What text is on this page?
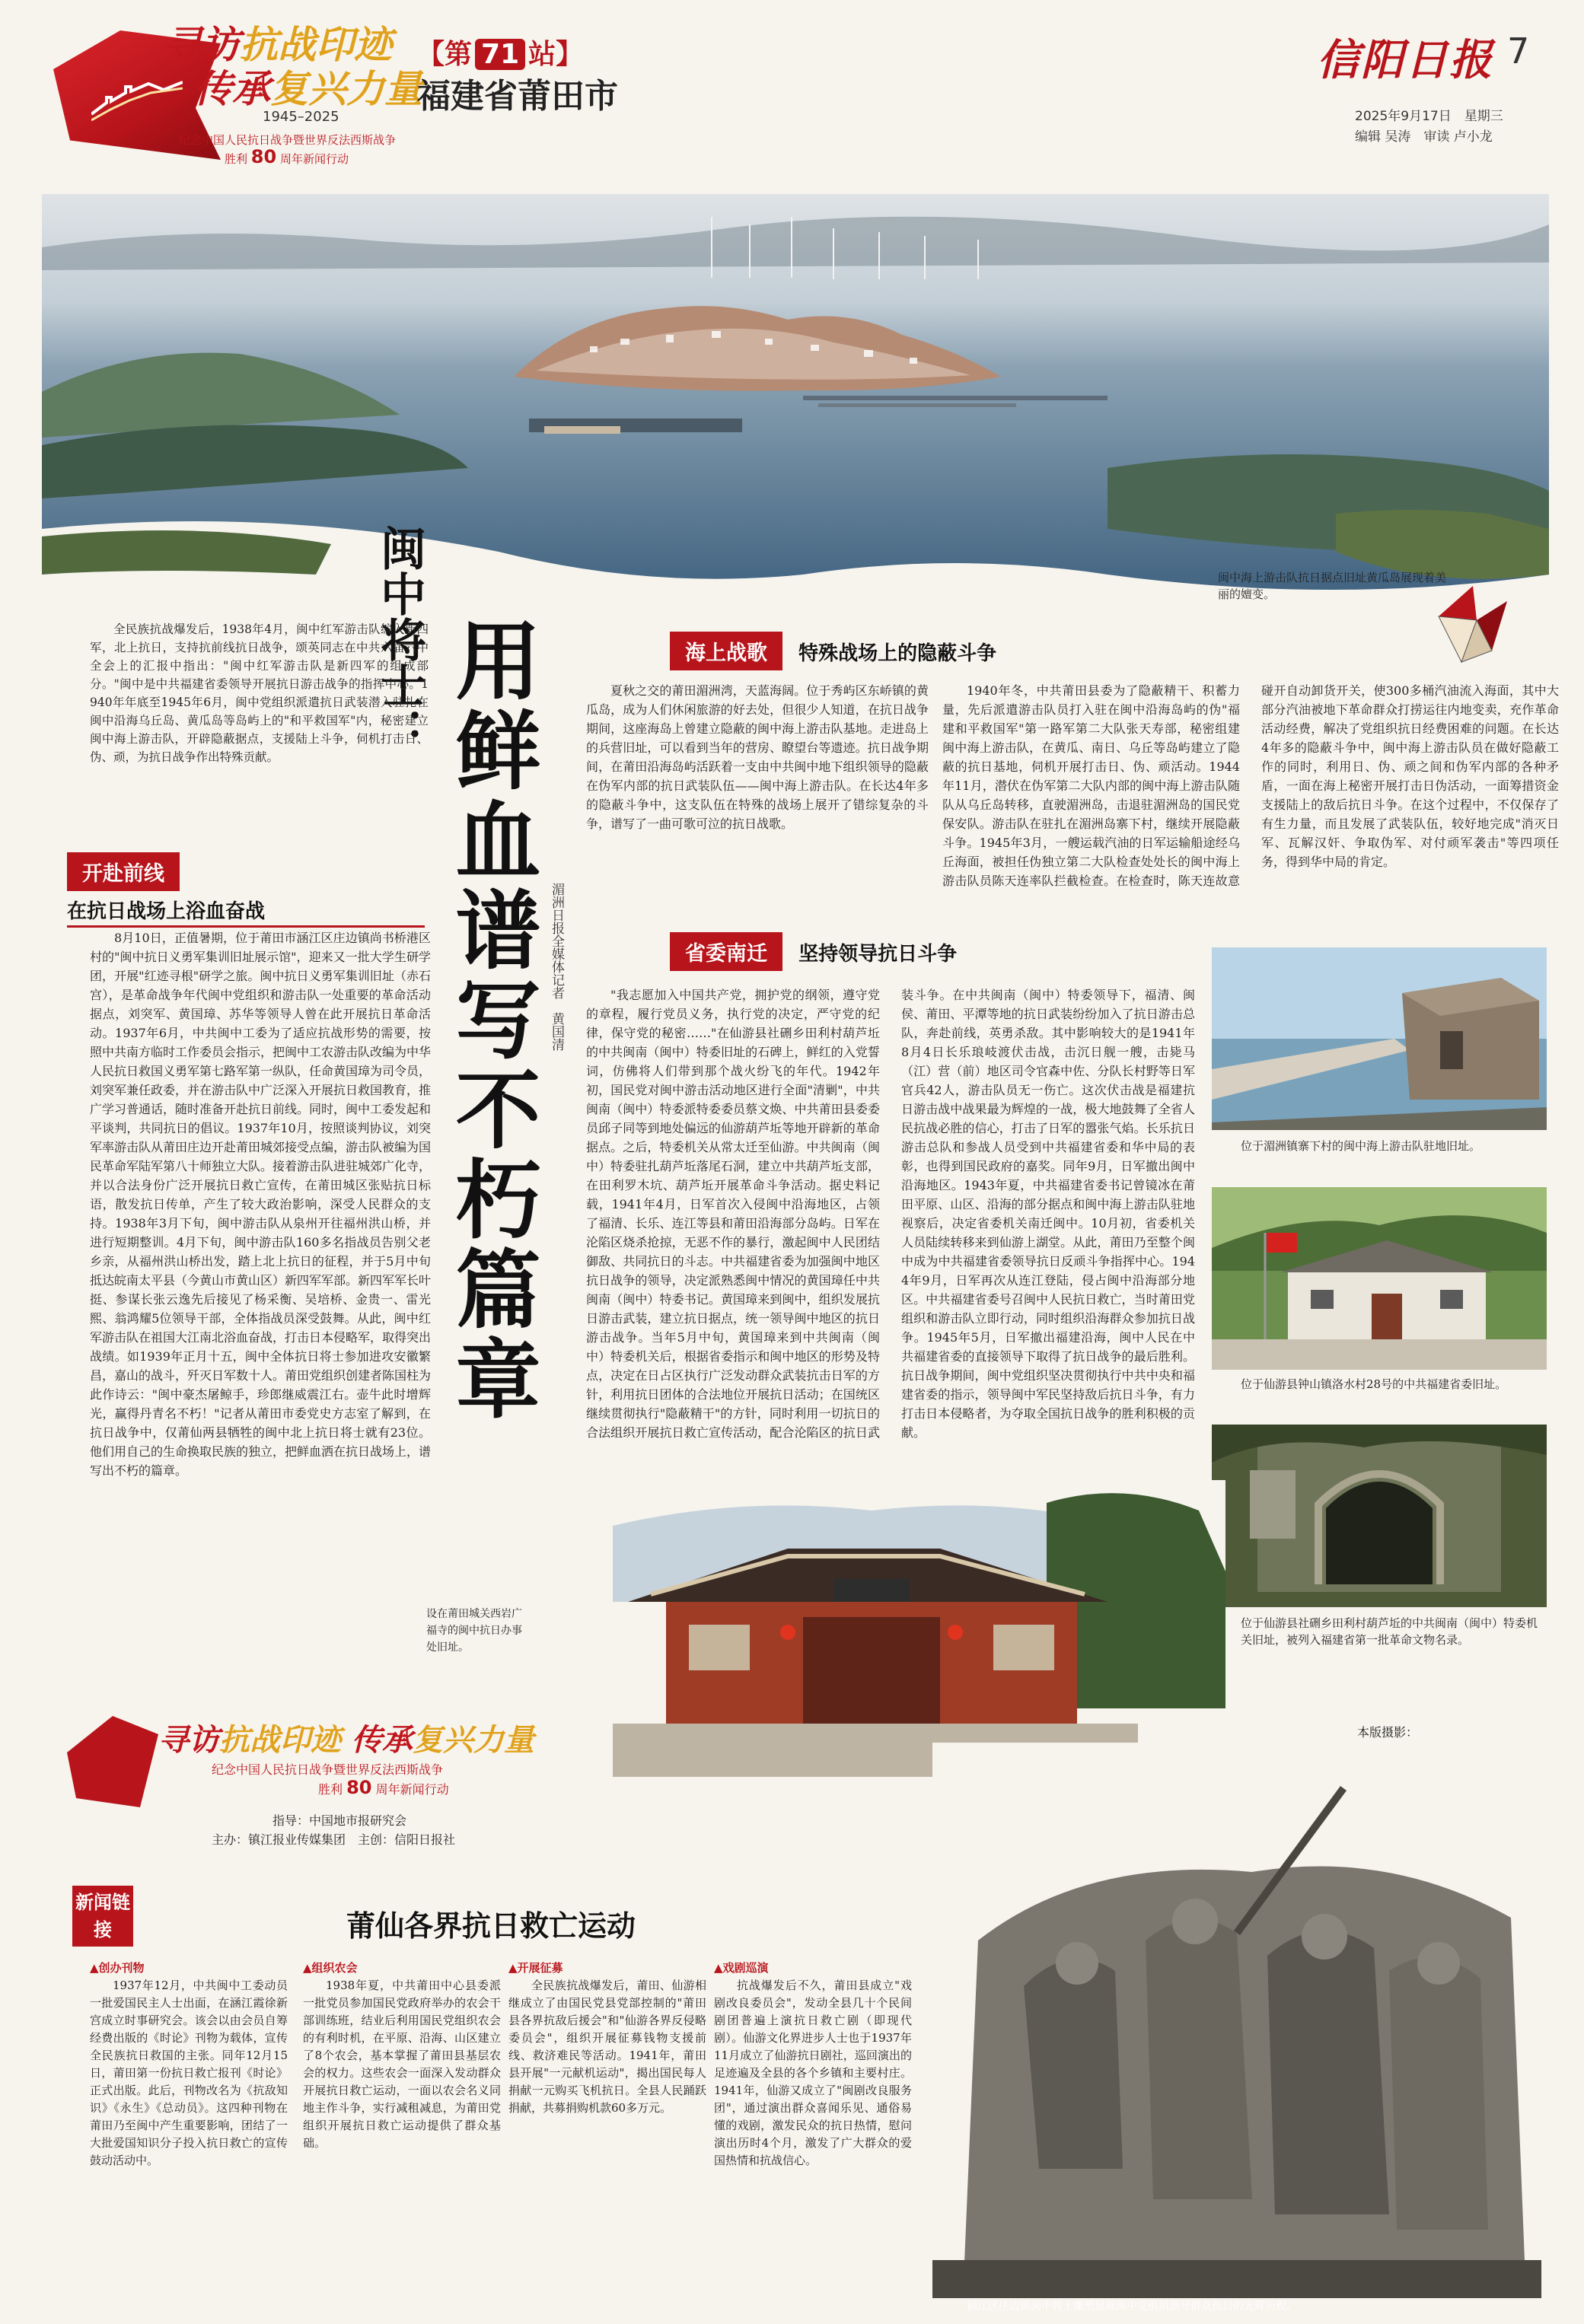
寻访抗战印迹
传承复兴力量
1945–2025
纪念中国人民抗日战争暨世界反法西斯战争
胜利 80 周年新闻行动
【第 71 站】
福建省莆田市
信阳日报 7
2025年9月17日　星期三
编辑 吴涛　审读 卢小龙
闽中海上游击队抗日据点旧址黄瓜岛展现着美丽的嬗变。
闽中将士： 用鲜血谱写不朽篇章 湄洲日报全媒体记者　黄国清

全民族抗战爆发后，1938年4月，闽中红军游击队编入新四军，北上抗日，支持抗前线抗日战争，颂英同志在中共六届六中全会上的汇报中指出："闽中红军游击队是新四军的组成部分。"闽中是中共福建省委领导开展抗日游击战争的指挥中心。1940年年底至1945年6月，闽中党组织派遣抗日武装潜入驻扎在闽中沿海乌丘岛、黄瓜岛等岛屿上的"和平救国军"内，秘密建立闽中海上游击队，开辟隐蔽据点，支援陆上斗争，伺机打击日、伪、顽，为抗日战争作出特殊贡献。

开赴前线
在抗日战场上浴血奋战

8月10日，正值暑期，位于莆田市涵江区庄边镇尚书桥港区村的"闽中抗日义勇军集训旧址展示馆"，迎来又一批大学生研学团，开展"红迹寻根"研学之旅。闽中抗日义勇军集训旧址（赤石宫），是革命战争年代闽中党组织和游击队一处重要的革命活动据点，刘突军、黄国璋、苏华等领导人曾在此开展抗日革命活动。1937年6月，中共闽中工委为了适应抗战形势的需要，按照中共南方临时工作委员会指示，把闽中工农游击队改编为中华人民抗日救国义勇军第七路军第一纵队，任命黄国璋为司令员，刘突军兼任政委，并在游击队中广泛深入开展抗日救国教育，推广学习普通话，随时准备开赴抗日前线。同时，闽中工委发起和平谈判，共同抗日的倡议。1937年10月，按照谈判协议，刘突军率游击队从莆田庄边开赴莆田城郊接受点编，游击队被编为国民革命军陆军第八十师独立大队。接着游击队进驻城郊广化寺，并以合法身份广泛开展抗日救亡宣传，在莆田城区张贴抗日标语，散发抗日传单，产生了较大政治影响，深受人民群众的支持。1938年3月下旬，闽中游击队从泉州开往福州洪山桥，并进行短期整训。4月下旬，闽中游击队160多名指战员告别父老乡亲，从福州洪山桥出发，踏上北上抗日的征程，并于5月中旬抵达皖南太平县（今黄山市黄山区）新四军军部。新四军军长叶挺、参谋长张云逸先后接见了杨采衡、吴培桥、金贵一、雷光熙、翁鸿耀5位领导干部，全体指战员深受鼓舞。从此，闽中红军游击队在祖国大江南北浴血奋战，打击日本侵略军，取得突出战绩。如1939年正月十五，闽中全体抗日将士参加进攻安徽繁昌，嘉山的战斗，歼灭日军数十人。莆田党组织创建者陈国柱为此作诗云："闽中豪杰屠鲸手，珍郎继威震江右。壶牛此时增辉光，赢得丹青名不朽！"记者从莆田市委党史方志室了解到，在抗日战争中，仅莆仙两县牺牲的闽中北上抗日将士就有23位。他们用自己的生命换取民族的独立，把鲜血洒在抗日战场上，谱写出不朽的篇章。

海上战歌 特殊战场上的隐蔽斗争

夏秋之交的莆田湄洲湾，天蓝海阔。位于秀屿区东峤镇的黄瓜岛，成为人们休闲旅游的好去处，但很少人知道，在抗日战争期间，这座海岛上曾建立隐蔽的闽中海上游击队基地。走进岛上的兵营旧址，可以看到当年的营房、瞭望台等遗迹。抗日战争期间，在莆田沿海岛屿活跃着一支由中共闽中地下组织领导的隐蔽在伪军内部的抗日武装队伍——闽中海上游击队。在长达4年多的隐蔽斗争中，这支队伍在特殊的战场上展开了错综复杂的斗争，谱写了一曲可歌可泣的抗日战歌。

1940年冬，中共莆田县委为了隐蔽精干、积蓄力量，先后派遣游击队员打入驻在闽中沿海岛屿的伪"福建和平救国军"第一路军第二大队张天寿部，秘密组建闽中海上游击队，在黄瓜、南日、乌丘等岛屿建立了隐蔽的抗日基地，伺机开展打击日、伪、顽活动。1944年11月，潜伏在伪军第二大队内部的闽中海上游击队随队从乌丘岛转移，直驶湄洲岛，击退驻湄洲岛的国民党保安队。游击队在驻扎在湄洲岛寨下村，继续开展隐蔽斗争。1945年3月，一艘运载汽油的日军运输船途经乌丘海面，被担任伪独立第二大队检查处处长的闽中海上游击队员陈天连率队拦截检查。在检查时，陈天连故意碰开自动卸货开关，使300多桶汽油流入海面，其中大部分汽油被地下革命群众打捞运往内地变卖，充作革命活动经费，解决了党组织抗日经费困难的问题。在长达4年多的隐蔽斗争中，闽中海上游击队员在做好隐蔽工作的同时，利用日、伪、顽之间和伪军内部的各种矛盾，一面在海上秘密开展打击日伪活动，一面筹措资金支援陆上的敌后抗日斗争。在这个过程中，不仅保存了有生力量，而且发展了武装队伍，较好地完成"消灭日军、瓦解汉奸、争取伪军、对付顽军袭击"等四项任务，得到华中局的肯定。

省委南迁 坚持领导抗日斗争

"我志愿加入中国共产党，拥护党的纲领，遵守党的章程，履行党员义务，执行党的决定，严守党的纪律，保守党的秘密……"在仙游县社硎乡田利村葫芦坵的中共闽南（闽中）特委旧址的石碑上，鲜红的入党誓词，仿佛将人们带到那个战火纷飞的年代。1942年初，国民党对闽中游击活动地区进行全面"清剿"，中共闽南（闽中）特委派特委委员蔡文焕、中共莆田县委委员邱子同等到地处偏远的仙游葫芦坵等地开辟新的革命据点。之后，特委机关从常太迁至仙游。中共闽南（闽中）特委驻扎葫芦坵落尾石洞，建立中共葫芦坵支部，在田利罗木坑、葫芦坵开展革命斗争活动。据史料记载，1941年4月，日军首次入侵闽中沿海地区，占领了福清、长乐、连江等县和莆田沿海部分岛屿。日军在沦陷区烧杀抢掠，无恶不作的暴行，激起闽中人民团结御敌、共同抗日的斗志。中共福建省委为加强闽中地区抗日战争的领导，决定派熟悉闽中情况的黄国璋任中共闽南（闽中）特委书记。黄国璋来到闽中，组织发展抗日游击武装，建立抗日据点，统一领导闽中地区的抗日游击战争。当年5月中旬，黄国璋来到中共闽南（闽中）特委机关后，根据省委指示和闽中地区的形势及特点，决定在日占区执行广泛发动群众武装抗击日军的方针，利用抗日团体的合法地位开展抗日活动；在国统区继续贯彻执行"隐蔽精干"的方针，同时利用一切抗日的合法组织开展抗日救亡宣传活动，配合沦陷区的抗日武装斗争。在中共闽南（闽中）特委领导下，福清、闽侯、莆田、平潭等地的抗日武装纷纷加入了抗日游击总队，奔赴前线，英勇杀敌。其中影响较大的是1941年8月4日长乐琅岐渡伏击战，击沉日舰一艘，击毙马（江）营（前）地区司令官森中佐、分队长村野等日军官兵42人，游击队员无一伤亡。这次伏击战是福建抗日游击战中战果最为辉煌的一战，极大地鼓舞了全省人民抗战必胜的信心，打击了日军的嚣张气焰。长乐抗日游击总队和参战人员受到中共福建省委和华中局的表彰，也得到国民政府的嘉奖。同年9月，日军撤出闽中沿海地区。1943年夏，中共福建省委书记曾镜冰在莆田平原、山区、沿海的部分据点和闽中海上游击队驻地视察后，决定省委机关南迁闽中。10月初，省委机关人员陆续转移来到仙游上湖堂。从此，莆田乃至整个闽中成为中共福建省委领导抗日反顽斗争指挥中心。1944年9月，日军再次从连江登陆，侵占闽中沿海部分地区。中共福建省委号召闽中人民抗日救亡，当时莆田党组织和游击队立即行动，同时组织沿海群众参加抗日战争。1945年5月，日军撤出福建沿海，闽中人民在中共福建省委的直接领导下取得了抗日战争的最后胜利。抗日战争期间，闽中党组织坚决贯彻执行中共中央和福建省委的指示，领导闽中军民坚持敌后抗日斗争，有力打击日本侵略者，为夺取全国抗日战争的胜利积极的贡献。

位于湄洲镇寨下村的闽中海上游击队驻地旧址。
位于仙游县钟山镇洛水村28号的中共福建省委旧址。
位于仙游县社硎乡田利村葫芦坵的中共闽南（闽中）特委机关旧址，被列入福建省第一批革命文物名录。
设在莆田城关西岩广福寺的闽中抗日办事处旧址。
本版摄影：
寻访抗战印迹 传承复兴力量
纪念中国人民抗日战争暨世界反法西斯战争
胜利 80 周年新闻行动
指导：中国地市报研究会
主办：镇江报业传媒集团　主创：信阳日报社
新闻链接	莆仙各界抗日救亡运动
▲创办刊物

1937年12月，中共闽中工委动员一批爱国民主人士出面，在涵江霞徐新宫成立时事研究会。该会以由会员自筹经费出版的《时论》刊物为载体，宣传全民族抗日救国的主张。同年12月15日，莆田第一份抗日救亡报刊《时论》正式出版。此后，刊物改名为《抗敌知识》《永生》《总动员》。这四种刊物在莆田乃至闽中产生重要影响，团结了一大批爱国知识分子投入抗日救亡的宣传鼓动活动中。

▲组织农会

1938年夏，中共莆田中心县委派一批党员参加国民党政府举办的农会干部训练班，结业后利用国民党组织农会的有利时机，在平原、沿海、山区建立了8个农会，基本掌握了莆田县基层农会的权力。这些农会一面深入发动群众开展抗日救亡运动，一面以农会名义同地主作斗争，实行减租减息，为莆田党组织开展抗日救亡运动提供了群众基础。

▲开展征募

全民族抗战爆发后，莆田、仙游相继成立了由国民党县党部控制的"莆田县各界抗敌后援会"和"仙游各界反侵略委员会"，组织开展征募钱物支援前线、救济难民等活动。1941年，莆田县开展"一元献机运动"，揭出国民每人捐献一元购买飞机抗日。全县人民踊跃捐献，共募捐购机款60多万元。

▲戏剧巡演

抗战爆发后不久，莆田县成立"戏剧改良委员会"，发动全县几十个民间剧团普遍上演抗日救亡剧（即现代剧）。仙游文化界进步人士也于1937年11月成立了仙游抗日剧社，巡回演出的足迹遍及全县的各个乡镇和主要村庄。1941年，仙游又成立了"闽剧改良服务团"，通过演出群众喜闻乐见、通俗易懂的戏剧，激发民众的抗日热情，慰问演出历时4个月，激发了广大群众的爱国热情和抗战信心。

涵江区庄边镇闽中将士雕塑展现闽中党组织领导群众抗日的光辉历程。
